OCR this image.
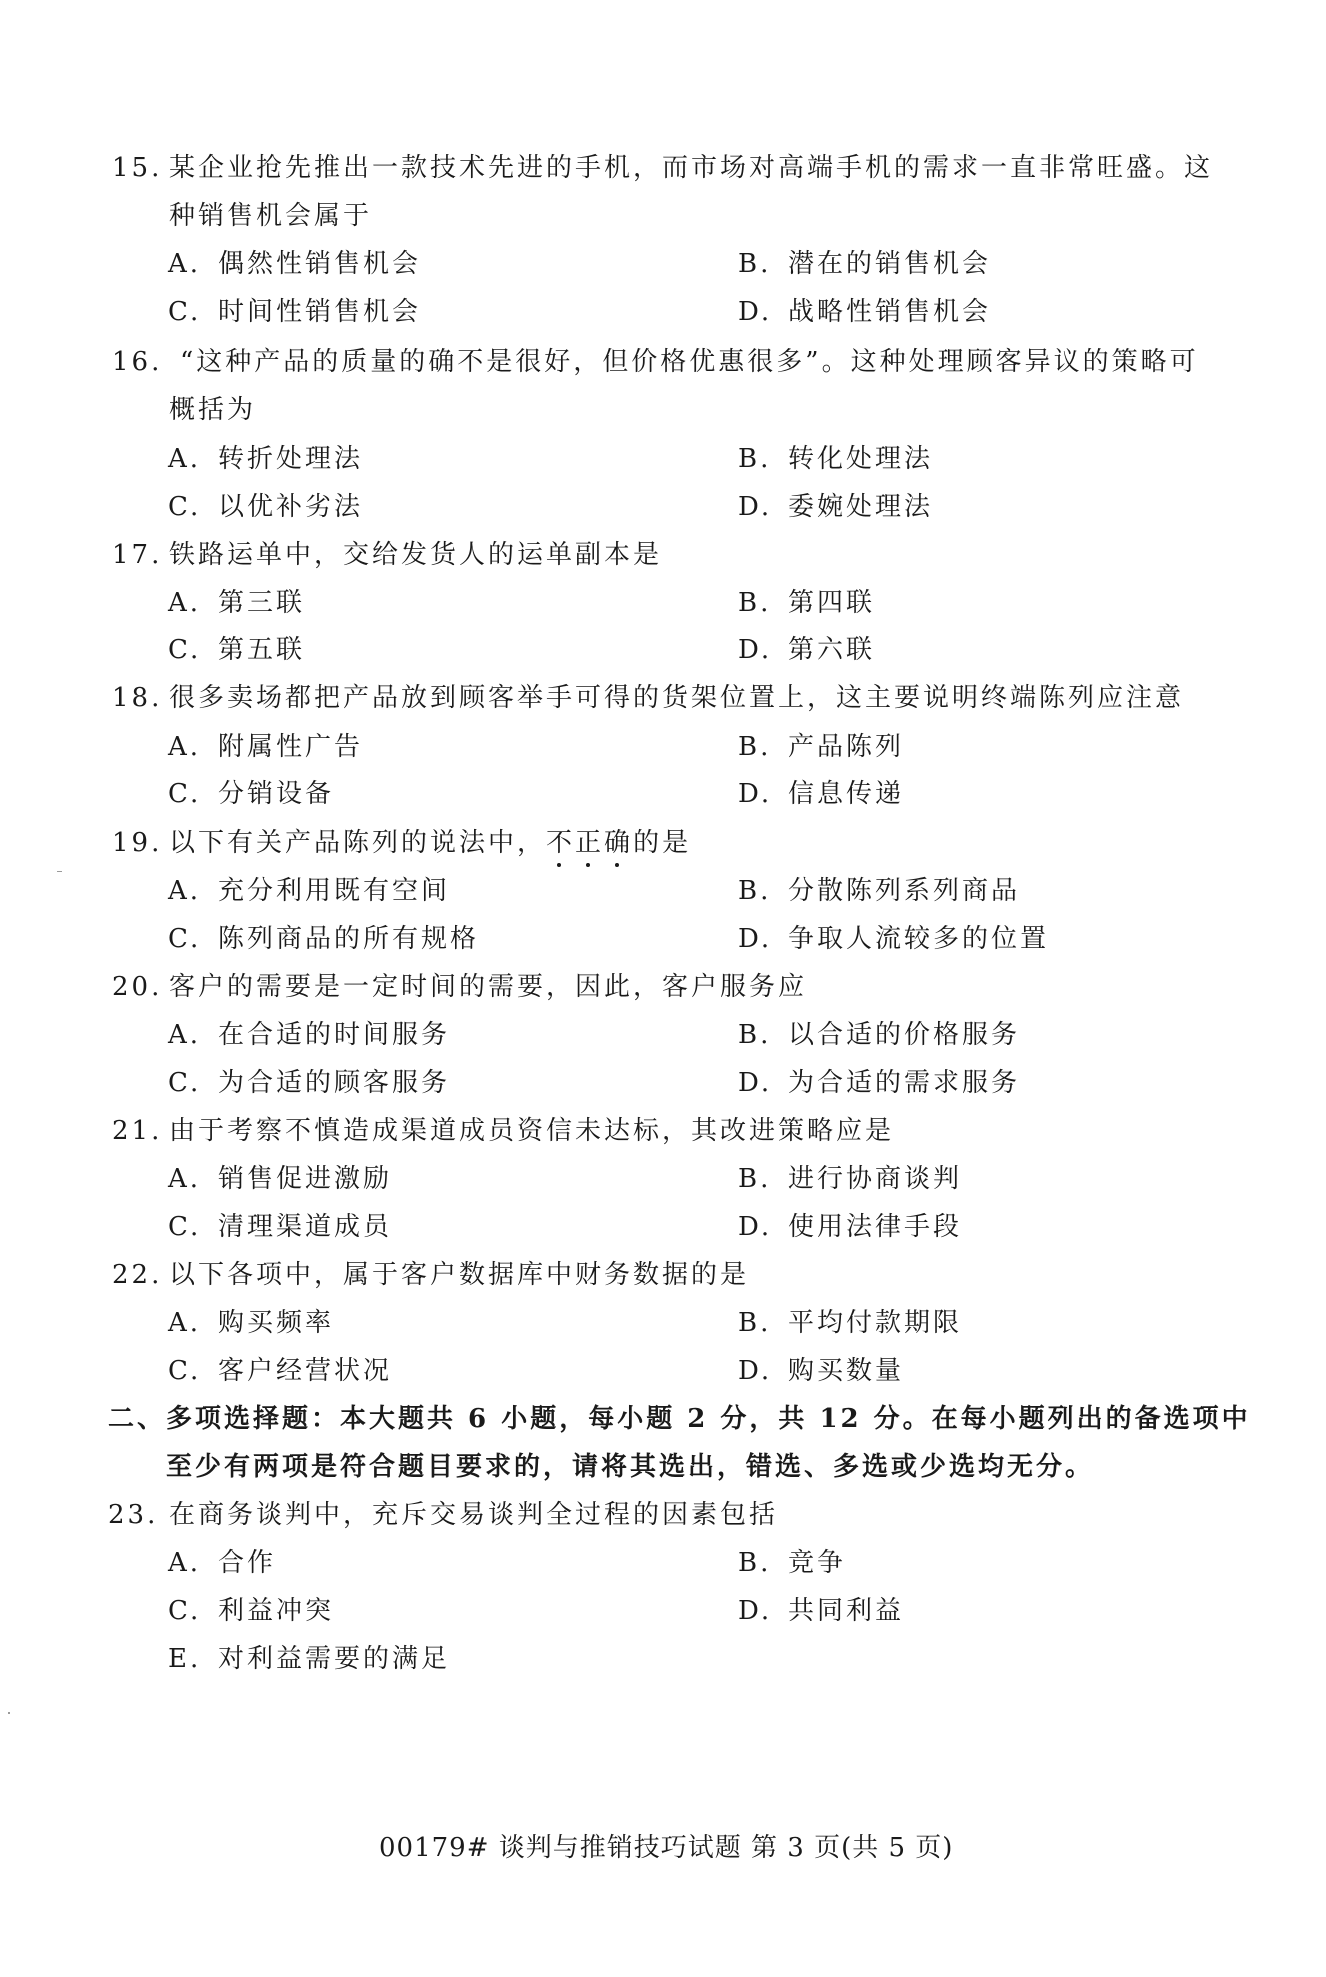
15. 某企业抢先推出一款技术先进的手机，而市场对高端手机的需求一直非常旺盛。这
种销售机会属于
A. 偶然性销售机会	B. 潜在的销售机会
C. 时间性销售机会	D. 战略性销售机会
16. “这种产品的质量的确不是很好，但价格优惠很多”。这种处理顾客异议的策略可
概括为
A. 转折处理法	B. 转化处理法
C. 以优补劣法	D. 委婉处理法
17. 铁路运单中，交给发货人的运单副本是
A. 第三联	B. 第四联
C. 第五联	D. 第六联
18. 很多卖场都把产品放到顾客举手可得的货架位置上，这主要说明终端陈列应注意
A. 附属性广告	B. 产品陈列
C. 分销设备	D. 信息传递
19. 以下有关产品陈列的说法中，不正确的是
A. 充分利用既有空间	B. 分散陈列系列商品
C. 陈列商品的所有规格	D. 争取人流较多的位置
20. 客户的需要是一定时间的需要，因此，客户服务应
A. 在合适的时间服务	B. 以合适的价格服务
C. 为合适的顾客服务	D. 为合适的需求服务
21. 由于考察不慎造成渠道成员资信未达标，其改进策略应是
A. 销售促进激励	B. 进行协商谈判
C. 清理渠道成员	D. 使用法律手段
22. 以下各项中，属于客户数据库中财务数据的是
A. 购买频率	B. 平均付款期限
C. 客户经营状况	D. 购买数量
二、 多项选择题：本大题共 6 小题，每小题 2 分，共 12 分。在每小题列出的备选项中
至少有两项是符合题目要求的，请将其选出，错选、多选或少选均无分。
23. 在商务谈判中，充斥交易谈判全过程的因素包括
A. 合作	B. 竞争
C. 利益冲突	D. 共同利益
E. 对利益需要的满足
00179# 谈判与推销技巧试题 第 3 页(共 5 页)
